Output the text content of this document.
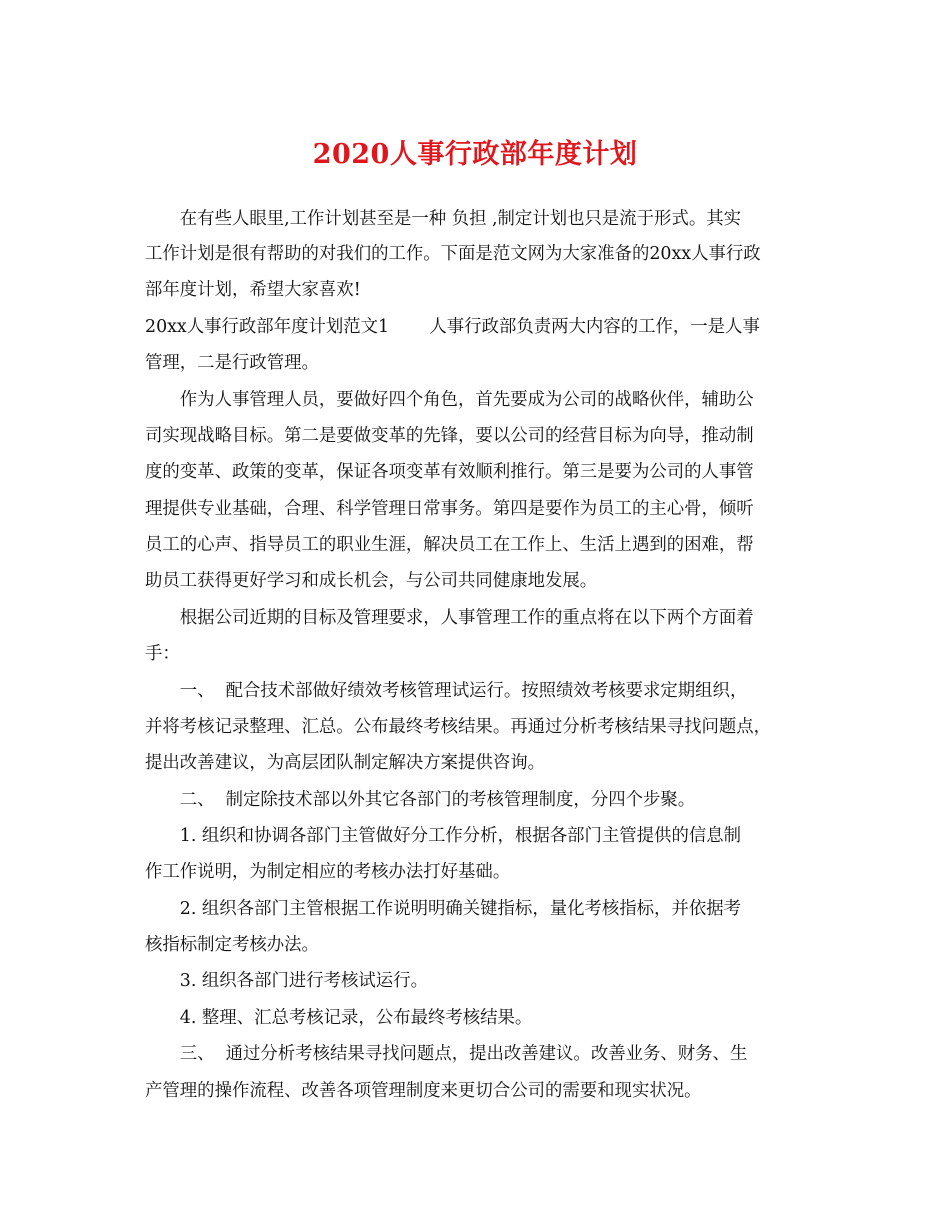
2020人事行政部年度计划
　　在有些人眼里,工作计划甚至是一种 负担 ,制定计划也只是流于形式。其实
工作计划是很有帮助的对我们的工作。下面是范文网为大家准备的20xx人事行政
部年度计划，希望大家喜欢!
20xx人事行政部年度计划范文1 　　人事行政部负责两大内容的工作，一是人事
管理，二是行政管理。
　　作为人事管理人员，要做好四个角色，首先要成为公司的战略伙伴，辅助公
司实现战略目标。第二是要做变革的先锋，要以公司的经营目标为向导，推动制
度的变革、政策的变革，保证各项变革有效顺利推行。第三是要为公司的人事管
理提供专业基础，合理、科学管理日常事务。第四是要作为员工的主心骨，倾听
员工的心声、指导员工的职业生涯，解决员工在工作上、生活上遇到的困难，帮
助员工获得更好学习和成长机会，与公司共同健康地发展。
　　根据公司近期的目标及管理要求，人事管理工作的重点将在以下两个方面着
手：
　　一、  配合技术部做好绩效考核管理试运行。按照绩效考核要求定期组织，
并将考核记录整理、汇总。公布最终考核结果。再通过分析考核结果寻找问题点，
提出改善建议，为高层团队制定解决方案提供咨询。
　　二、  制定除技术部以外其它各部门的考核管理制度，分四个步聚。
　　1. 组织和协调各部门主管做好分工作分析，根据各部门主管提供的信息制
作工作说明，为制定相应的考核办法打好基础。
　　2. 组织各部门主管根据工作说明明确关键指标，量化考核指标，并依据考
核指标制定考核办法。
　　3. 组织各部门进行考核试运行。
　　4. 整理、汇总考核记录，公布最终考核结果。
　　三、  通过分析考核结果寻找问题点，提出改善建议。改善业务、财务、生
产管理的操作流程、改善各项管理制度来更切合公司的需要和现实状况。
